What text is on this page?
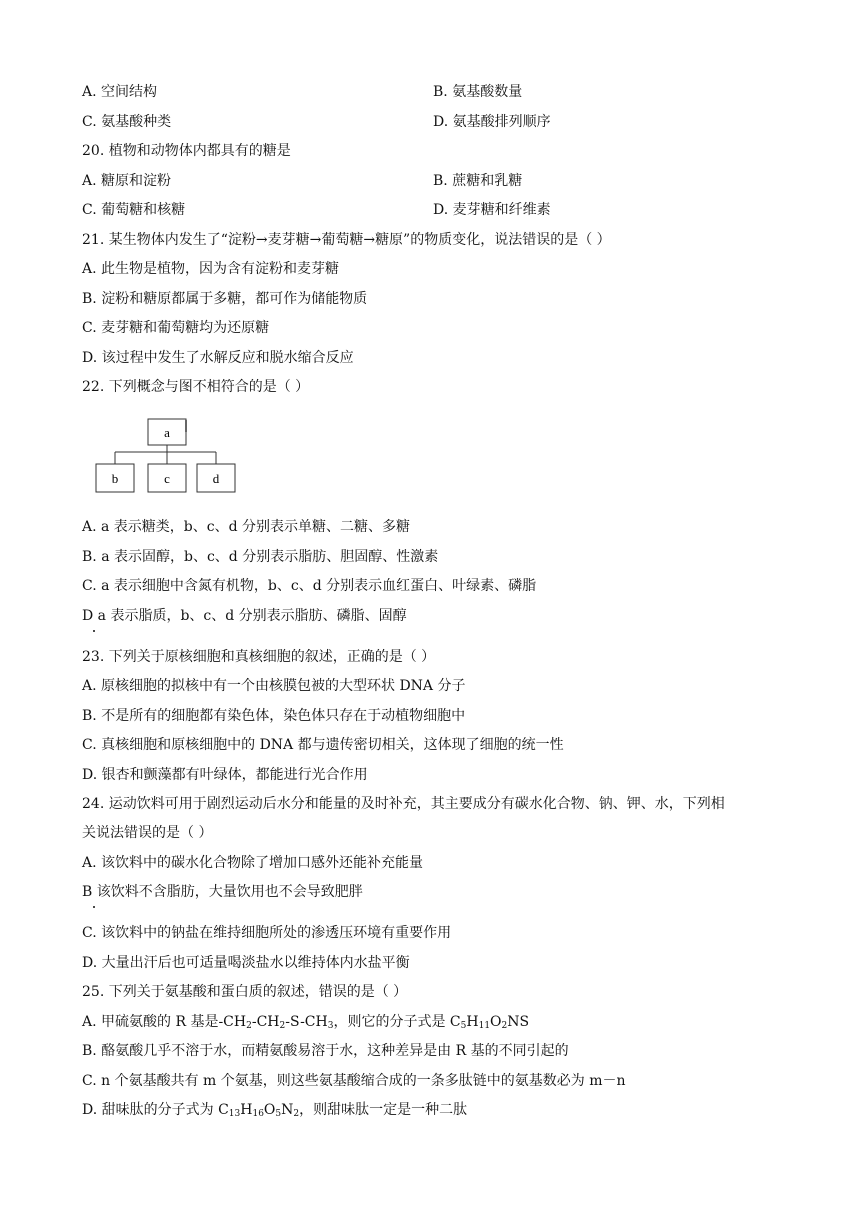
A. 空间结构	B. 氨基酸数量
C. 氨基酸种类	D. 氨基酸排列顺序
20. 植物和动物体内都具有的糖是
A. 糖原和淀粉	B. 蔗糖和乳糖
C. 葡萄糖和核糖	D. 麦芽糖和纤维素
21. 某生物体内发生了“淀粉→麦芽糖→葡萄糖→糖原”的物质变化，说法错误的是（ ）
A. 此生物是植物，因为含有淀粉和麦芽糖
B. 淀粉和糖原都属于多糖，都可作为储能物质
C. 麦芽糖和葡萄糖均为还原糖
D. 该过程中发生了水解反应和脱水缩合反应
22. 下列概念与图不相符合的是（ ）
a
b	c	d
A. a 表示糖类，b、c、d 分别表示单糖、二糖、多糖
B. a 表示固醇，b、c、d 分别表示脂肪、胆固醇、性激素
C. a 表示细胞中含氮有机物，b、c、d 分别表示血红蛋白、叶绿素、磷脂
D a 表示脂质，b、c、d 分别表示脂肪、磷脂、固醇
23. 下列关于原核细胞和真核细胞的叙述，正确的是（ ）
A. 原核细胞的拟核中有一个由核膜包被的大型环状 DNA 分子
B. 不是所有的细胞都有染色体，染色体只存在于动植物细胞中
C. 真核细胞和原核细胞中的 DNA 都与遗传密切相关，这体现了细胞的统一性
D. 银杏和颤藻都有叶绿体，都能进行光合作用
24. 运动饮料可用于剧烈运动后水分和能量的及时补充，其主要成分有碳水化合物、钠、钾、水，下列相
关说法错误的是（ ）
A. 该饮料中的碳水化合物除了增加口感外还能补充能量
B 该饮料不含脂肪，大量饮用也不会导致肥胖
C. 该饮料中的钠盐在维持细胞所处的渗透压环境有重要作用
D. 大量出汗后也可适量喝淡盐水以维持体内水盐平衡
25. 下列关于氨基酸和蛋白质的叙述，错误的是（ ）
A. 甲硫氨酸的 R 基是$-CH_2-CH_2-S-CH_3$，则它的分子式是 $C_5H_{11}O_2NS$
B. 酪氨酸几乎不溶于水，而精氨酸易溶于水，这种差异是由 R 基的不同引起的
C. n 个氨基酸共有 m 个氨基，则这些氨基酸缩合成的一条多肽链中的氨基数必为 m－n
D. 甜味肽的分子式为 $C_{13}H_{16}O_5N_2$，则甜味肽一定是一种二肽
